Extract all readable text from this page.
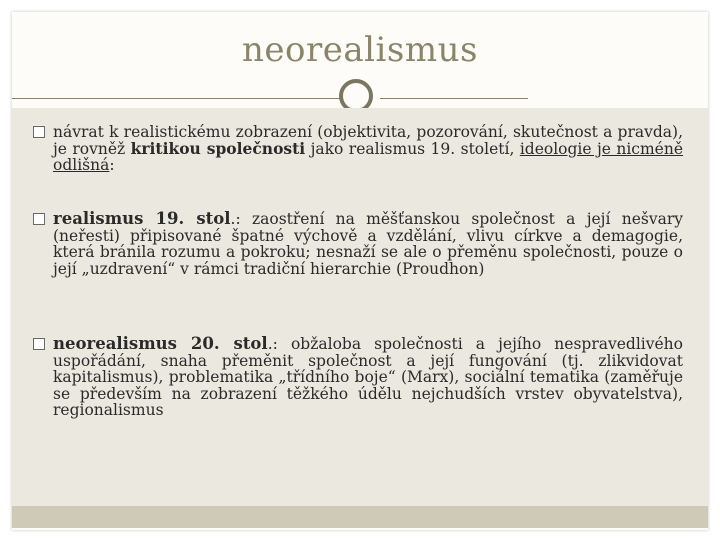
neorealismus
návrat k realistickému zobrazení (objektivita, pozorování, skutečnost a pravda), je rovněž kritikou společnosti jako realismus 19. století, ideologie je nicméně odlišná:
realismus 19. stol.: zaostření na měšťanskou společnost a její nešvary (neřesti) připisované špatné výchově a vzdělání, vlivu církve a demagogie, která bránila rozumu a pokroku; nesnaží se ale o přeměnu společnosti, pouze o její „uzdravení“ v rámci tradiční hierarchie (Proudhon)
neorealismus 20. stol.: obžaloba společnosti a jejího nespravedlivého uspořádání, snaha přeměnit společnost a její fungování (tj. zlikvidovat kapitalismus), problematika „třídního boje“ (Marx), sociální tematika (zaměřuje se především na zobrazení těžkého údělu nejchudších vrstev obyvatelstva), regionalismus
